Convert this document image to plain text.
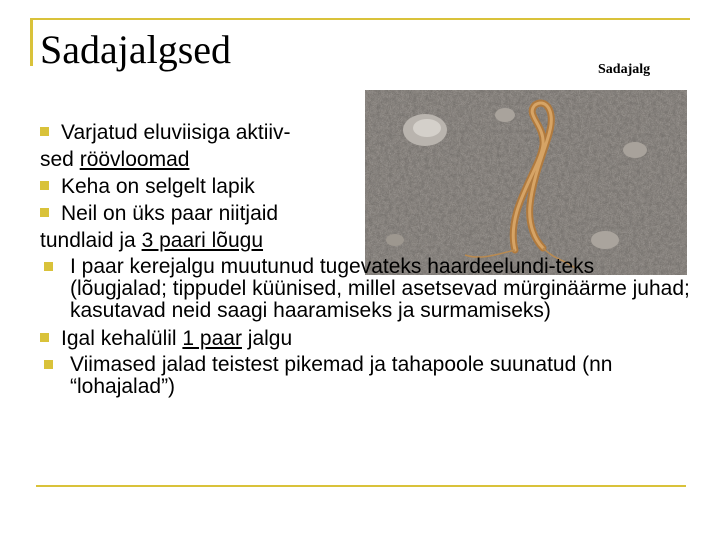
Sadajalgsed	Sadajalg
Varjatud eluviisiga aktiiv-
sed röövloomad
Keha on selgelt lapik
Neil on üks paar niitjaid
tundlaid ja 3 paari lõugu
I paar kerejalgu muutunud tugevateks haardeelundi-teks (lõugjalad; tippudel küünised, millel asetsevad mürginäärme juhad; kasutavad neid saagi haaramiseks ja surmamiseks)
Igal kehalülil 1 paar jalgu
Viimased jalad teistest pikemad ja tahapoole suunatud (nn “lohajalad”)
